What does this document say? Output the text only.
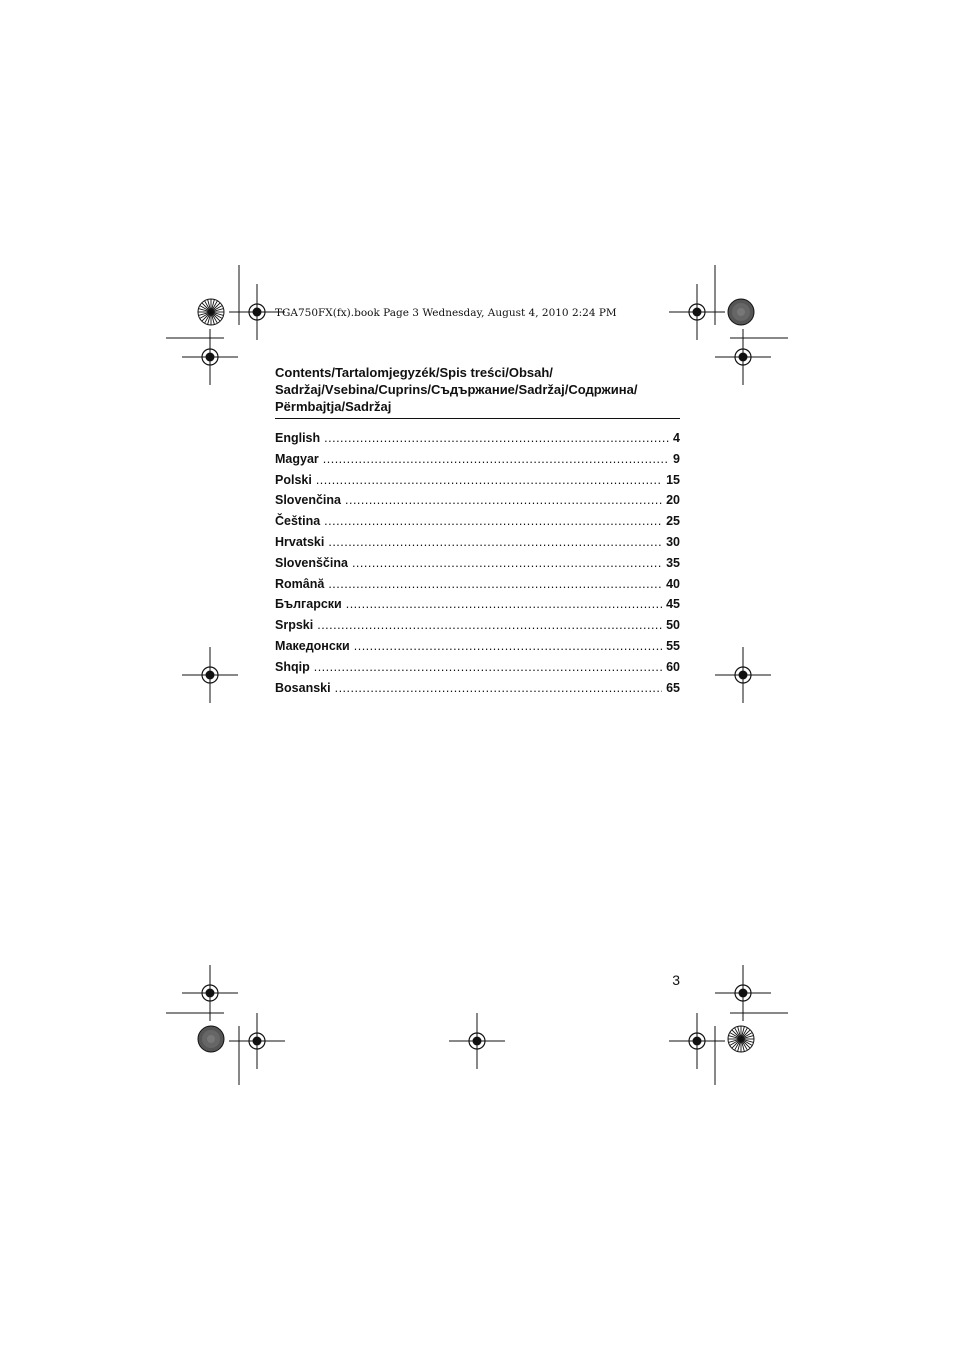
TGA750FX(fx).book Page 3 Wednesday, August 4, 2010 2:24 PM
Contents/Tartalomjegyzék/Spis treści/Obsah/
Sadržaj/Vsebina/Cuprins/Съдържание/Sadržaj/Содржина/
Përmbajtja/Sadržaj
English .....	4
Magyar .....	9
Polski .....	15
Slovenčina .....	20
Čeština .....	25
Hrvatski .....	30
Slovenščina .....	35
Română .....	40
Български .....	45
Srpski .....	50
Македонски .....	55
Shqip .....	60
Bosanski .....	65
3
